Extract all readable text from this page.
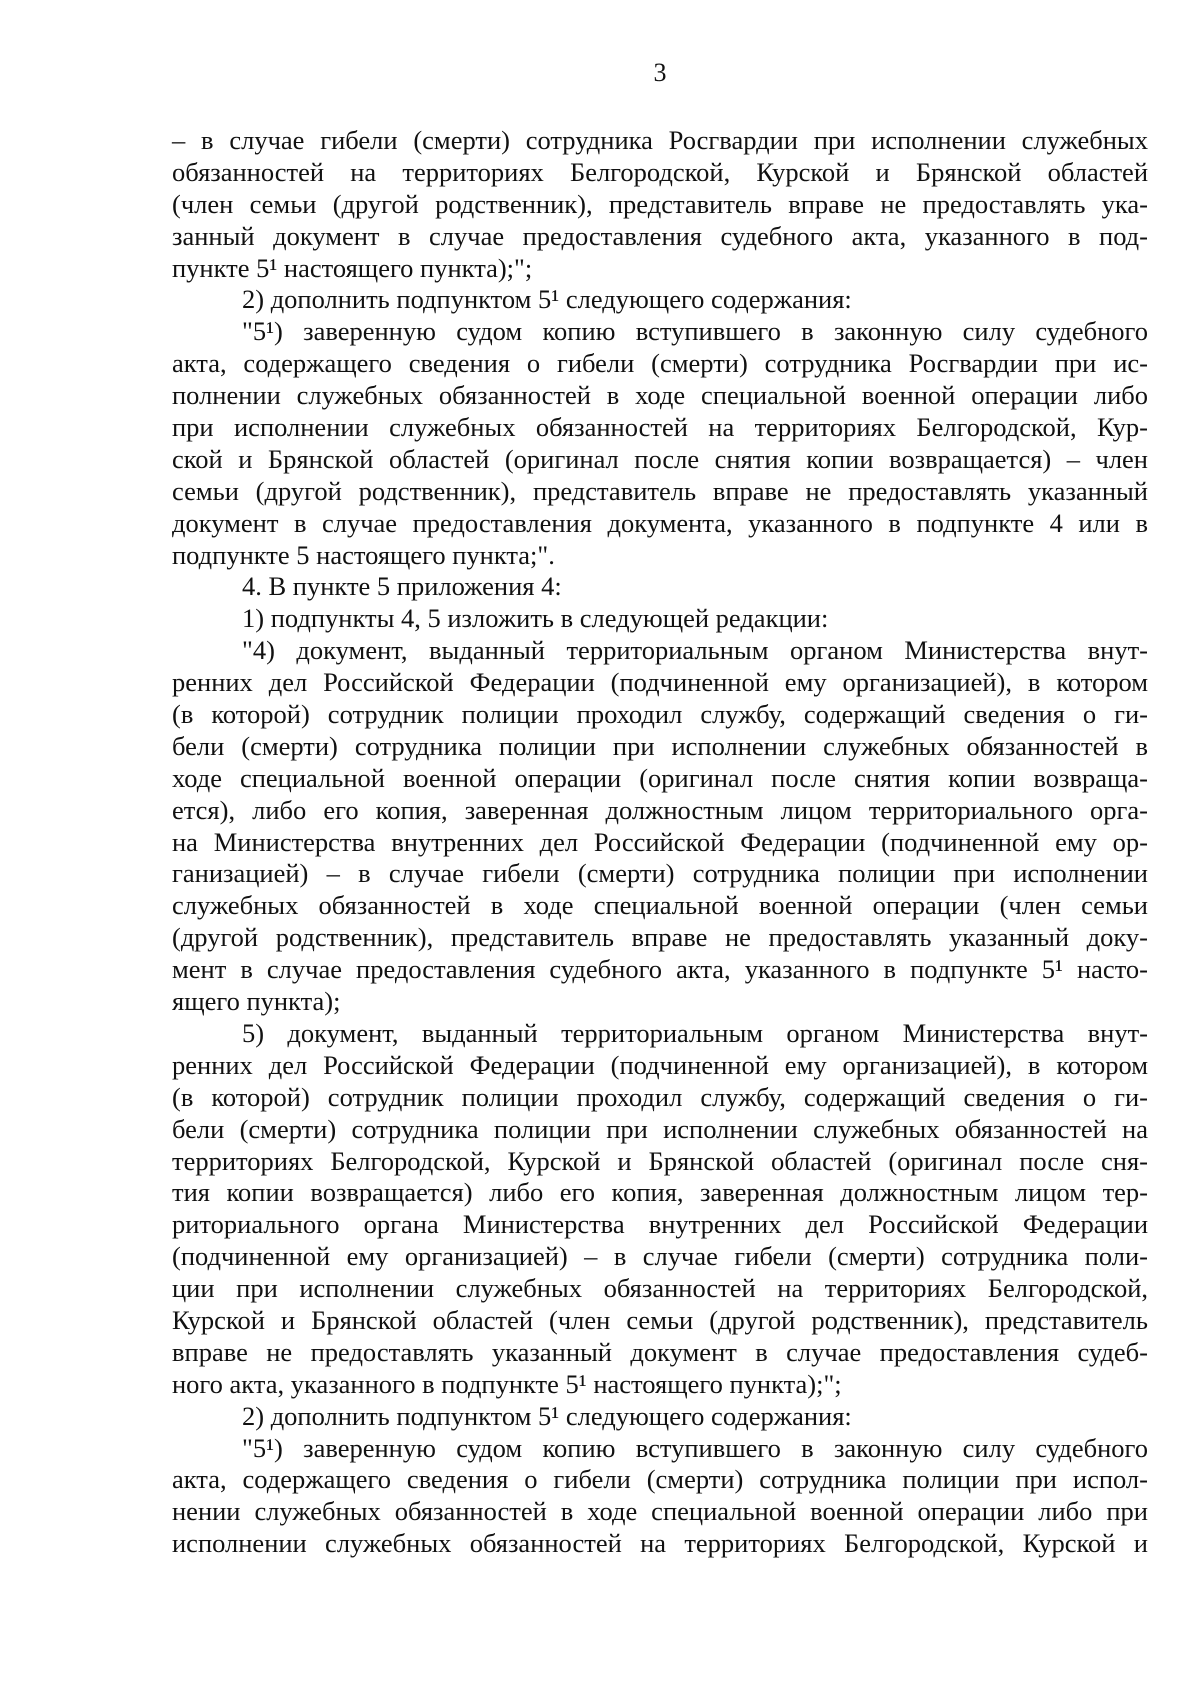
3
– в случае гибели (смерти) сотрудника Росгвардии при исполнении служебных
обязанностей на территориях Белгородской, Курской и Брянской областей
(член семьи (другой родственник), представитель вправе не предоставлять ука-
занный документ в случае предоставления судебного акта, указанного в под-
пункте 5¹ настоящего пункта);";
2) дополнить подпунктом 5¹ следующего содержания:
"5¹) заверенную судом копию вступившего в законную силу судебного
акта, содержащего сведения о гибели (смерти) сотрудника Росгвардии при ис-
полнении служебных обязанностей в ходе специальной военной операции либо
при исполнении служебных обязанностей на территориях Белгородской, Кур-
ской и Брянской областей (оригинал после снятия копии возвращается) – член
семьи (другой родственник), представитель вправе не предоставлять указанный
документ в случае предоставления документа, указанного в подпункте 4 или в
подпункте 5 настоящего пункта;".
4. В пункте 5 приложения 4:
1) подпункты 4, 5 изложить в следующей редакции:
"4) документ, выданный территориальным органом Министерства внут-
ренних дел Российской Федерации (подчиненной ему организацией), в котором
(в которой) сотрудник полиции проходил службу, содержащий сведения о ги-
бели (смерти) сотрудника полиции при исполнении служебных обязанностей в
ходе специальной военной операции (оригинал после снятия копии возвраща-
ется), либо его копия, заверенная должностным лицом территориального орга-
на Министерства внутренних дел Российской Федерации (подчиненной ему ор-
ганизацией) – в случае гибели (смерти) сотрудника полиции при исполнении
служебных обязанностей в ходе специальной военной операции (член семьи
(другой родственник), представитель вправе не предоставлять указанный доку-
мент в случае предоставления судебного акта, указанного в подпункте 5¹ насто-
ящего пункта);
5) документ, выданный территориальным органом Министерства внут-
ренних дел Российской Федерации (подчиненной ему организацией), в котором
(в которой) сотрудник полиции проходил службу, содержащий сведения о ги-
бели (смерти) сотрудника полиции при исполнении служебных обязанностей на
территориях Белгородской, Курской и Брянской областей (оригинал после сня-
тия копии возвращается) либо его копия, заверенная должностным лицом тер-
риториального органа Министерства внутренних дел Российской Федерации
(подчиненной ему организацией) – в случае гибели (смерти) сотрудника поли-
ции при исполнении служебных обязанностей на территориях Белгородской,
Курской и Брянской областей (член семьи (другой родственник), представитель
вправе не предоставлять указанный документ в случае предоставления судеб-
ного акта, указанного в подпункте 5¹ настоящего пункта);";
2) дополнить подпунктом 5¹ следующего содержания:
"5¹) заверенную судом копию вступившего в законную силу судебного
акта, содержащего сведения о гибели (смерти) сотрудника полиции при испол-
нении служебных обязанностей в ходе специальной военной операции либо при
исполнении служебных обязанностей на территориях Белгородской, Курской и
